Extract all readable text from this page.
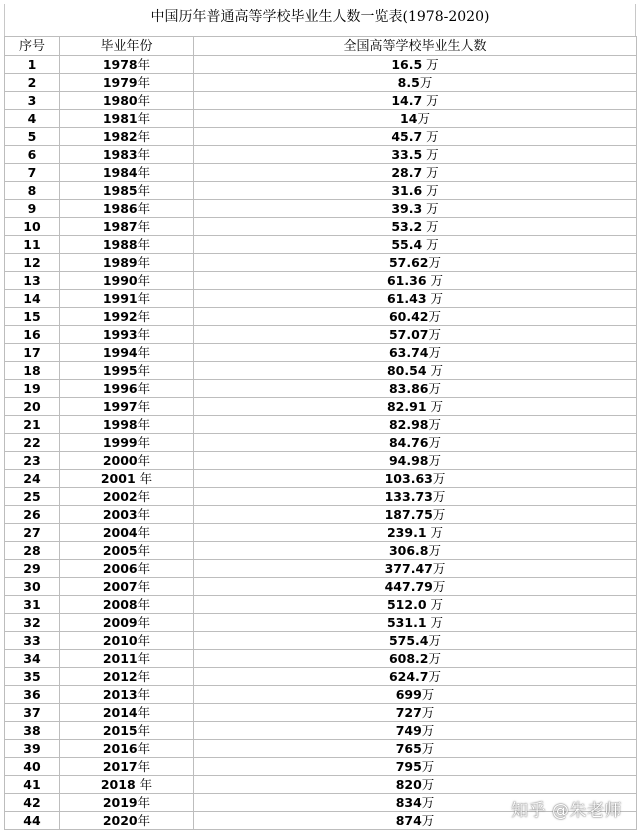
中国历年普通高等学校毕业生人数一览表(1978-2020)
序号	毕业年份	全国高等学校毕业生人数
1	1978年	16.5 万
2	1979年	8.5万
3	1980年	14.7 万
4	1981年	14万
5	1982年	45.7 万
6	1983年	33.5 万
7	1984年	28.7 万
8	1985年	31.6 万
9	1986年	39.3 万
10	1987年	53.2 万
11	1988年	55.4 万
12	1989年	57.62万
13	1990年	61.36 万
14	1991年	61.43 万
15	1992年	60.42万
16	1993年	57.07万
17	1994年	63.74万
18	1995年	80.54 万
19	1996年	83.86万
20	1997年	82.91 万
21	1998年	82.98万
22	1999年	84.76万
23	2000年	94.98万
24	2001 年	103.63万
25	2002年	133.73万
26	2003年	187.75万
27	2004年	239.1 万
28	2005年	306.8万
29	2006年	377.47万
30	2007年	447.79万
31	2008年	512.0 万
32	2009年	531.1 万
33	2010年	575.4万
34	2011年	608.2万
35	2012年	624.7万
36	2013年	699万
37	2014年	727万
38	2015年	749万
39	2016年	765万
40	2017年	795万
41	2018 年	820万
42	2019年	834万
44	2020年	874万	知乎 @朱老师
